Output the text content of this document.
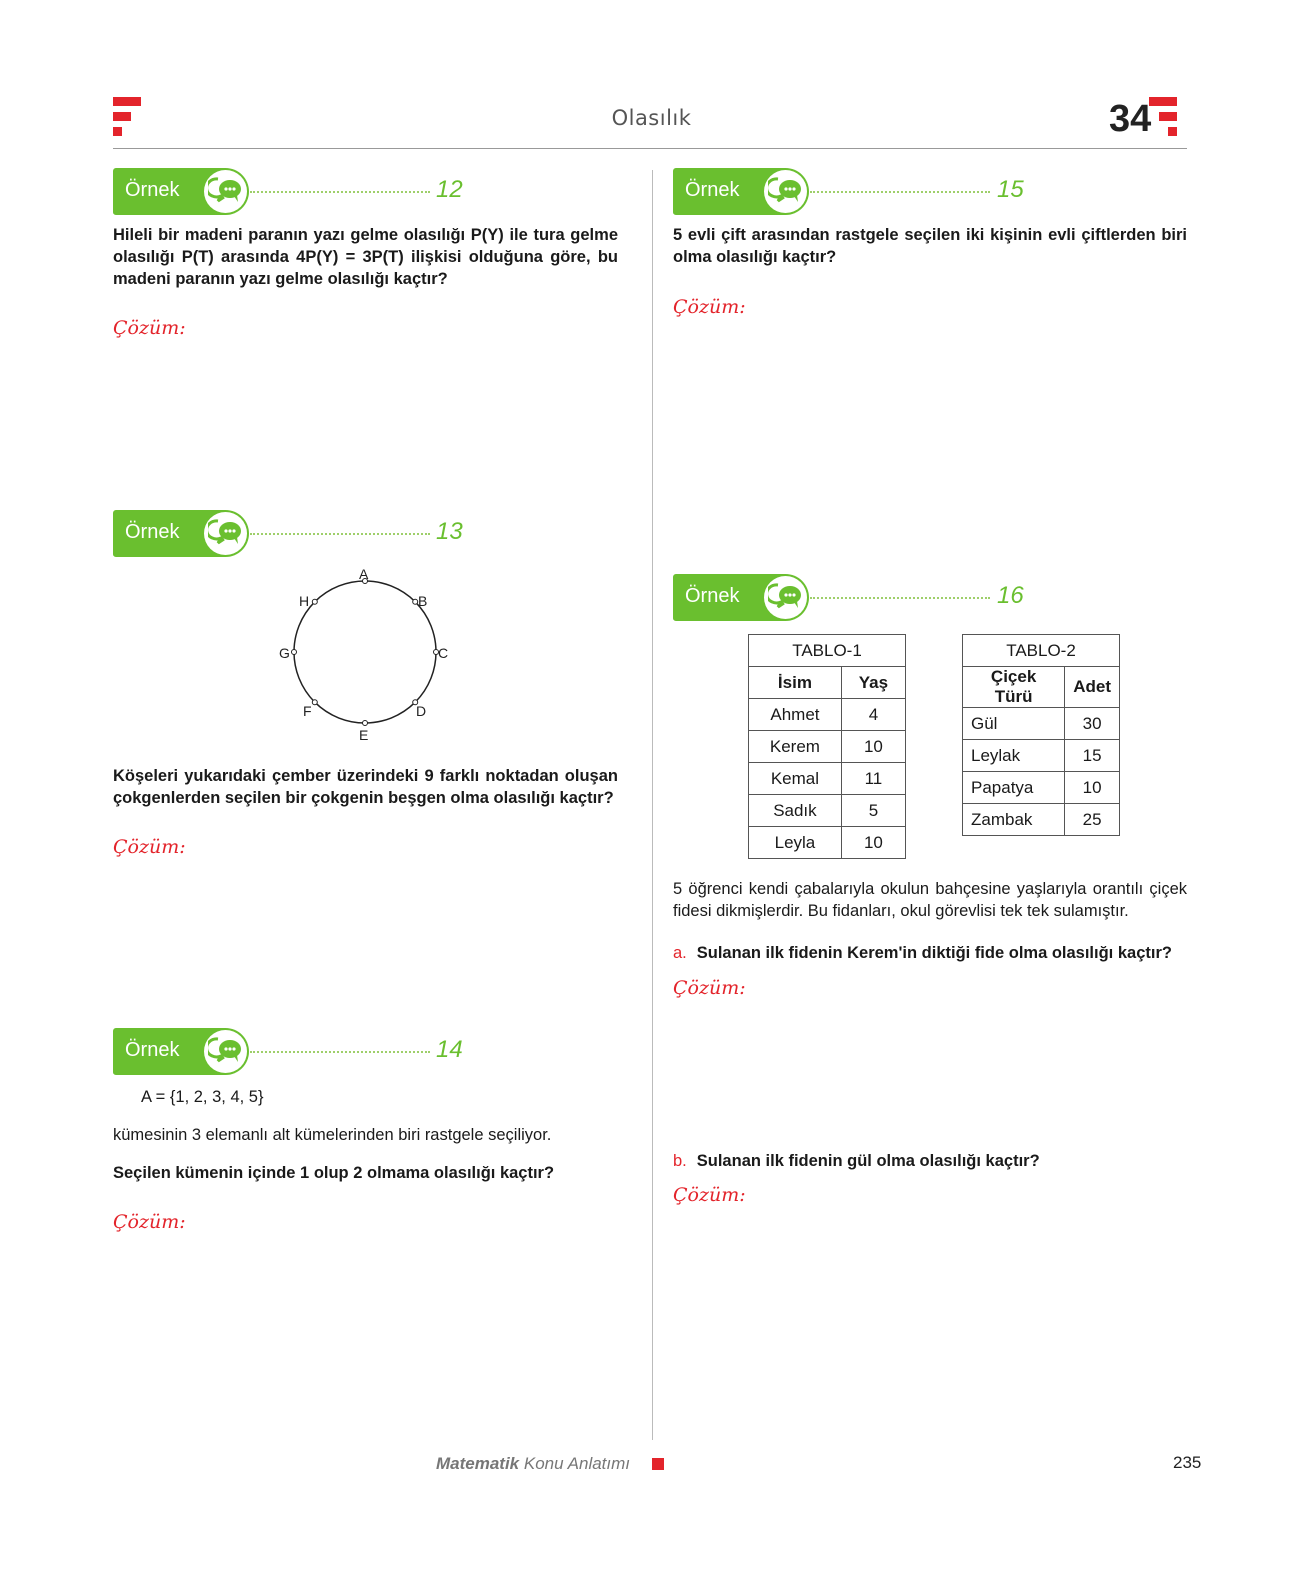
Olasılık	34
Örnek	12
Hileli bir madeni paranın yazı gelme olasılığı P(Y) ile tura gelme olasılığı P(T) arasında 4P(Y) = 3P(T) ilişkisi olduğuna göre, bu madeni paranın yazı gelme olasılığı kaçtır?
Çözüm:
Örnek	13
A
B
C
D
E
F
G
H
Köşeleri yukarıdaki çember üzerindeki 9 farklı noktadan oluşan çokgenlerden seçilen bir çokgenin beşgen olma olasılığı kaçtır?
Çözüm:
Örnek	14
A = {1, 2, 3, 4, 5}
kümesinin 3 elemanlı alt kümelerinden biri rastgele seçiliyor.
Seçilen kümenin içinde 1 olup 2 olmama olasılığı kaçtır?
Çözüm:
Örnek	15
5 evli çift arasından rastgele seçilen iki kişinin evli çiftlerden biri olma olasılığı kaçtır?
Çözüm:
Örnek	16
TABLO-1	
İsim	Yaş
Ahmet	4
Kerem	10
Kemal	11
Sadık	5
Leyla	10
TABLO-2	
Çiçek Türü	Adet
Gül	30
Leylak	15
Papatya	10
Zambak	25
5 öğrenci kendi çabalarıyla okulun bahçesine yaşlarıyla orantılı çiçek fidesi dikmişlerdir. Bu fidanları, okul görevlisi tek tek sulamıştır.
a. Sulanan ilk fidenin Kerem'in diktiği fide olma olasılığı kaçtır?
Çözüm:
b. Sulanan ilk fidenin gül olma olasılığı kaçtır?
Çözüm:
Matematik Konu Anlatımı	235
